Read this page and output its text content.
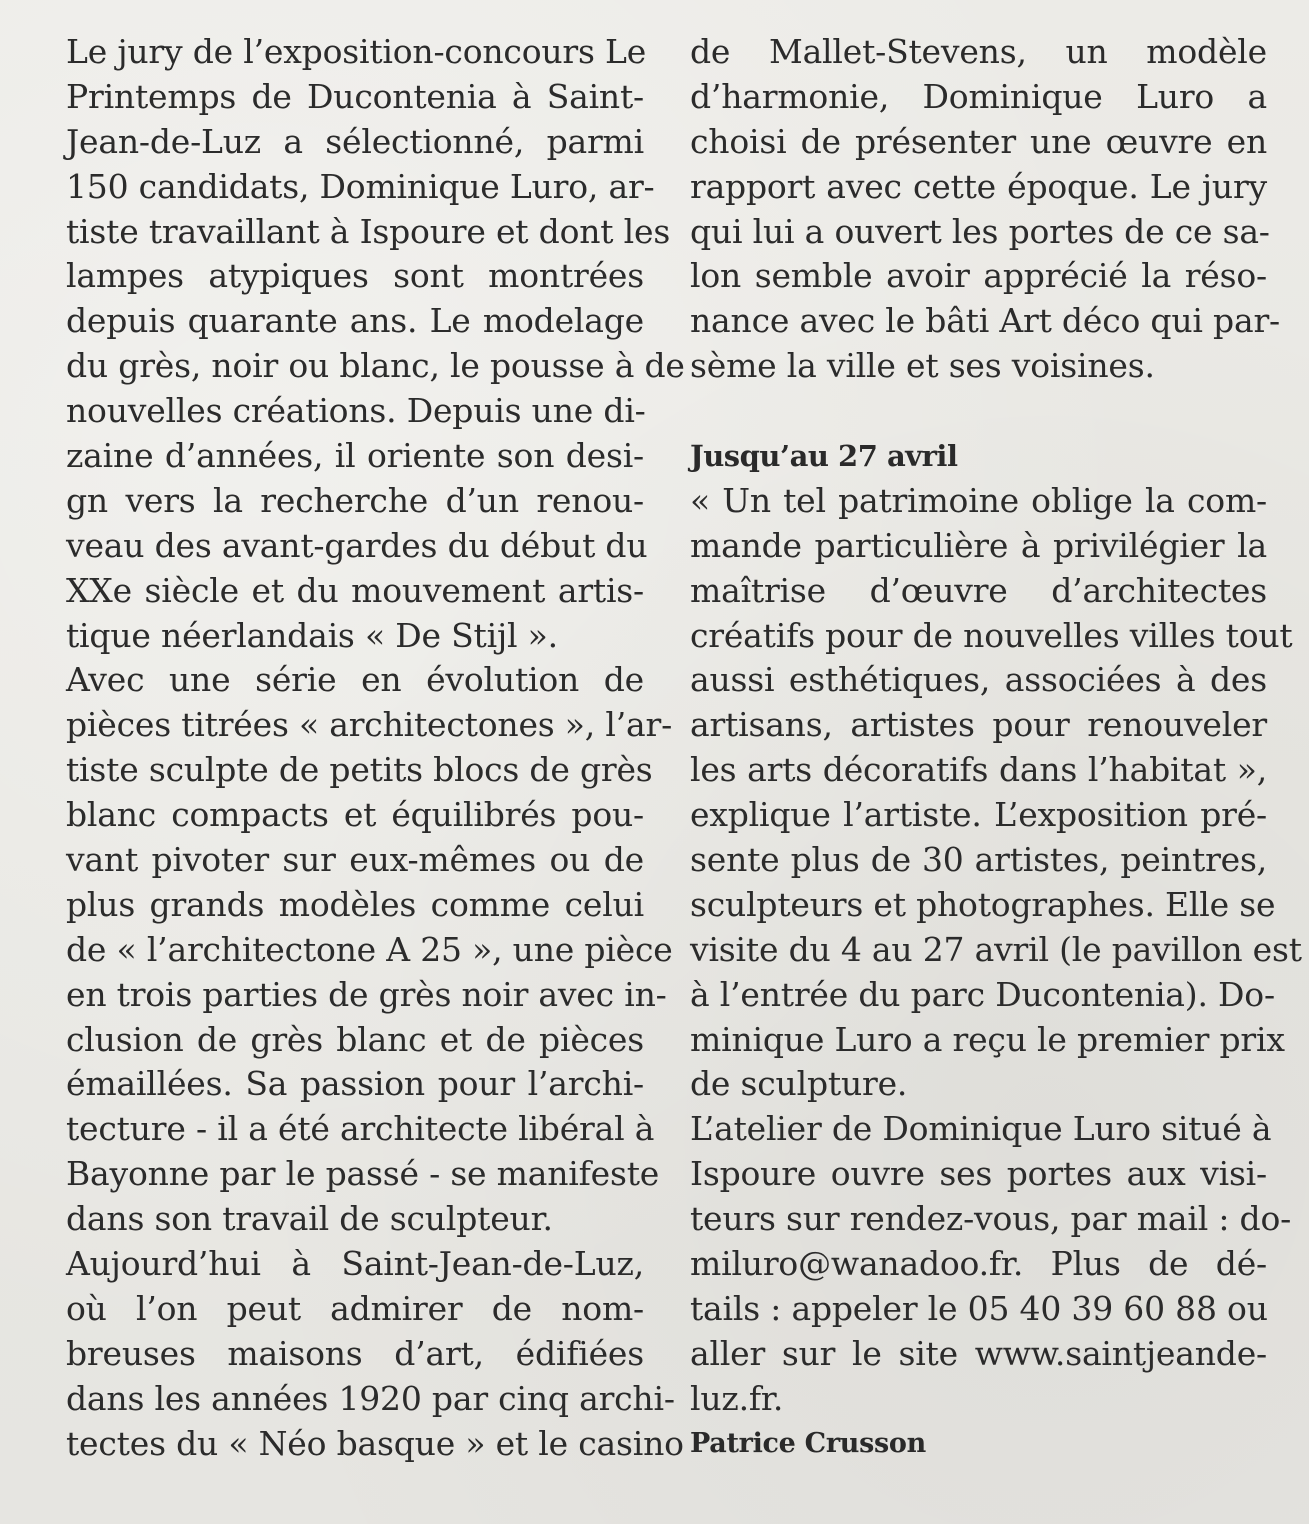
Le jury de l’exposition-concours Le
Printemps de Ducontenia à Saint-
Jean-de-Luz a sélectionné, parmi
150 candidats, Dominique Luro, ar-
tiste travaillant à Ispoure et dont les
lampes atypiques sont montrées
depuis quarante ans. Le modelage
du grès, noir ou blanc, le pousse à de
nouvelles créations. Depuis une di-
zaine d’années, il oriente son desi-
gn vers la recherche d’un renou-
veau des avant-gardes du début du
XXe siècle et du mouvement artis-
tique néerlandais « De Stijl ».
Avec une série en évolution de
pièces titrées « architectones », l’ar-
tiste sculpte de petits blocs de grès
blanc compacts et équilibrés pou-
vant pivoter sur eux-mêmes ou de
plus grands modèles comme celui
de « l’architectone A 25 », une pièce
en trois parties de grès noir avec in-
clusion de grès blanc et de pièces
émaillées. Sa passion pour l’archi-
tecture - il a été architecte libéral à
Bayonne par le passé - se manifeste
dans son travail de sculpteur.
Aujourd’hui à Saint-Jean-de-Luz,
où l’on peut admirer de nom-
breuses maisons d’art, édifiées
dans les années 1920 par cinq archi-
tectes du « Néo basque » et le casino
de Mallet-Stevens, un modèle
d’harmonie, Dominique Luro a
choisi de présenter une œuvre en
rapport avec cette époque. Le jury
qui lui a ouvert les portes de ce sa-
lon semble avoir apprécié la réso-
nance avec le bâti Art déco qui par-
sème la ville et ses voisines.
Jusqu’au 27 avril
« Un tel patrimoine oblige la com-
mande particulière à privilégier la
maîtrise d’œuvre d’architectes
créatifs pour de nouvelles villes tout
aussi esthétiques, associées à des
artisans, artistes pour renouveler
les arts décoratifs dans l’habitat »,
explique l’artiste. L’exposition pré-
sente plus de 30 artistes, peintres,
sculpteurs et photographes. Elle se
visite du 4 au 27 avril (le pavillon est
à l’entrée du parc Ducontenia). Do-
minique Luro a reçu le premier prix
de sculpture.
L’atelier de Dominique Luro situé à
Ispoure ouvre ses portes aux visi-
teurs sur rendez-vous, par mail : do-
miluro@wanadoo.fr. Plus de dé-
tails : appeler le 05 40 39 60 88 ou
aller sur le site www.saintjeande-
luz.fr.
Patrice Crusson
